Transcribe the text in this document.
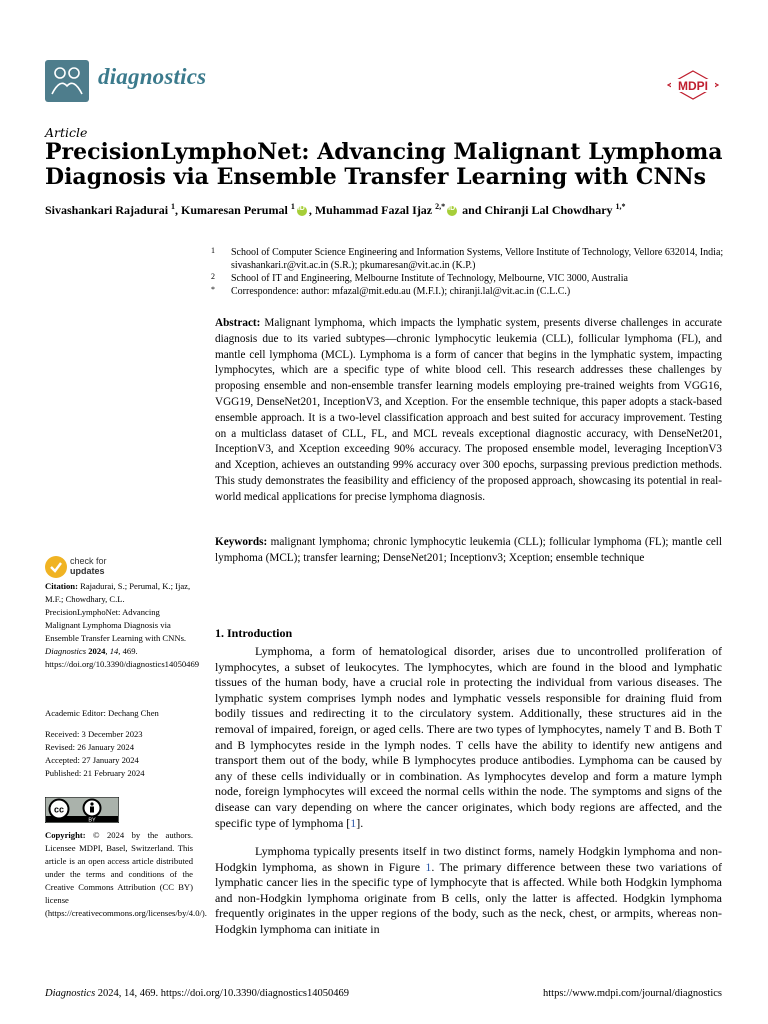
diagnostics	MDPI
Article
PrecisionLymphoNet: Advancing Malignant Lymphoma Diagnosis via Ensemble Transfer Learning with CNNs
Sivashankari Rajadurai $^1$, Kumaresan Perumal $^1$iD , Muhammad Fazal Ijaz $^{2,*}$iD and Chiranji Lal Chowdhary $^{1,*}$
1	School of Computer Science Engineering and Information Systems, Vellore Institute of Technology, Vellore 632014, India; sivashankari.r@vit.ac.in (S.R.); pkumaresan@vit.ac.in (K.P.)
2	School of IT and Engineering, Melbourne Institute of Technology, Melbourne, VIC 3000, Australia
*	Correspondence: author: mfazal@mit.edu.au (M.F.I.); chiranji.lal@vit.ac.in (C.L.C.)
Abstract: Malignant lymphoma, which impacts the lymphatic system, presents diverse challenges in accurate diagnosis due to its varied subtypes—chronic lymphocytic leukemia (CLL), follicular lymphoma (FL), and mantle cell lymphoma (MCL). Lymphoma is a form of cancer that begins in the lymphatic system, impacting lymphocytes, which are a specific type of white blood cell. This research addresses these challenges by proposing ensemble and non-ensemble transfer learning models employing pre-trained weights from VGG16, VGG19, DenseNet201, InceptionV3, and Xception. For the ensemble technique, this paper adopts a stack-based ensemble approach. It is a two-level classification approach and best suited for accuracy improvement. Testing on a multiclass dataset of CLL, FL, and MCL reveals exceptional diagnostic accuracy, with DenseNet201, InceptionV3, and Xception exceeding 90% accuracy. The proposed ensemble model, leveraging InceptionV3 and Xception, achieves an outstanding 99% accuracy over 300 epochs, surpassing previous prediction methods. This study demonstrates the feasibility and efficiency of the proposed approach, showcasing its potential in real-world medical applications for precise lymphoma diagnosis.
Keywords: malignant lymphoma; chronic lymphocytic leukemia (CLL); follicular lymphoma (FL); mantle cell lymphoma (MCL); transfer learning; DenseNet201; Inceptionv3; Xception; ensemble technique
check for
updates
Citation: Rajadurai, S.; Perumal, K.; Ijaz, M.F.; Chowdhary, C.L. PrecisionLymphoNet: Advancing Malignant Lymphoma Diagnosis via Ensemble Transfer Learning with CNNs. Diagnostics 2024, 14, 469. https://doi.org/10.3390/diagnostics14050469
Academic Editor: Dechang Chen
Received: 3 December 2023
Revised: 26 January 2024
Accepted: 27 January 2024
Published: 21 February 2024
cc
BY
Copyright: © 2024 by the authors. Licensee MDPI, Basel, Switzerland. This article is an open access article distributed under the terms and conditions of the Creative Commons Attribution (CC BY) license (https://creativecommons.org/licenses/by/4.0/).
1. Introduction

Lymphoma, a form of hematological disorder, arises due to uncontrolled proliferation of lymphocytes, a subset of leukocytes. The lymphocytes, which are found in the blood and lymphatic tissues of the human body, have a crucial role in protecting the individual from various diseases. The lymphatic system comprises lymph nodes and lymphatic vessels responsible for draining fluid from bodily tissues and redirecting it to the circulatory system. Additionally, these structures aid in the removal of impaired, foreign, or aged cells. There are two types of lymphocytes, namely T and B. Both T and B lymphocytes reside in the lymph nodes. T cells have the ability to identify new antigens and transport them out of the body, while B lymphocytes produce antibodies. Lymphoma can be caused by any of these cells individually or in combination. As lymphocytes develop and form a mature lymph node, foreign lymphocytes will exceed the normal cells within the node. The symptoms and signs of the disease can vary depending on where the cancer originates, which body regions are affected, and the specific type of lymphoma [1].

Lymphoma typically presents itself in two distinct forms, namely Hodgkin lymphoma and non-Hodgkin lymphoma, as shown in Figure 1. The primary difference between these two variations of lymphatic cancer lies in the specific type of lymphocyte that is affected. While both Hodgkin lymphoma and non-Hodgkin lymphoma originate from B cells, only the latter is affected. Hodgkin lymphoma frequently originates in the upper regions of the body, such as the neck, chest, or armpits, whereas non-Hodgkin lymphoma can initiate in

Diagnostics 2024, 14, 469. https://doi.org/10.3390/diagnostics14050469	https://www.mdpi.com/journal/diagnostics
